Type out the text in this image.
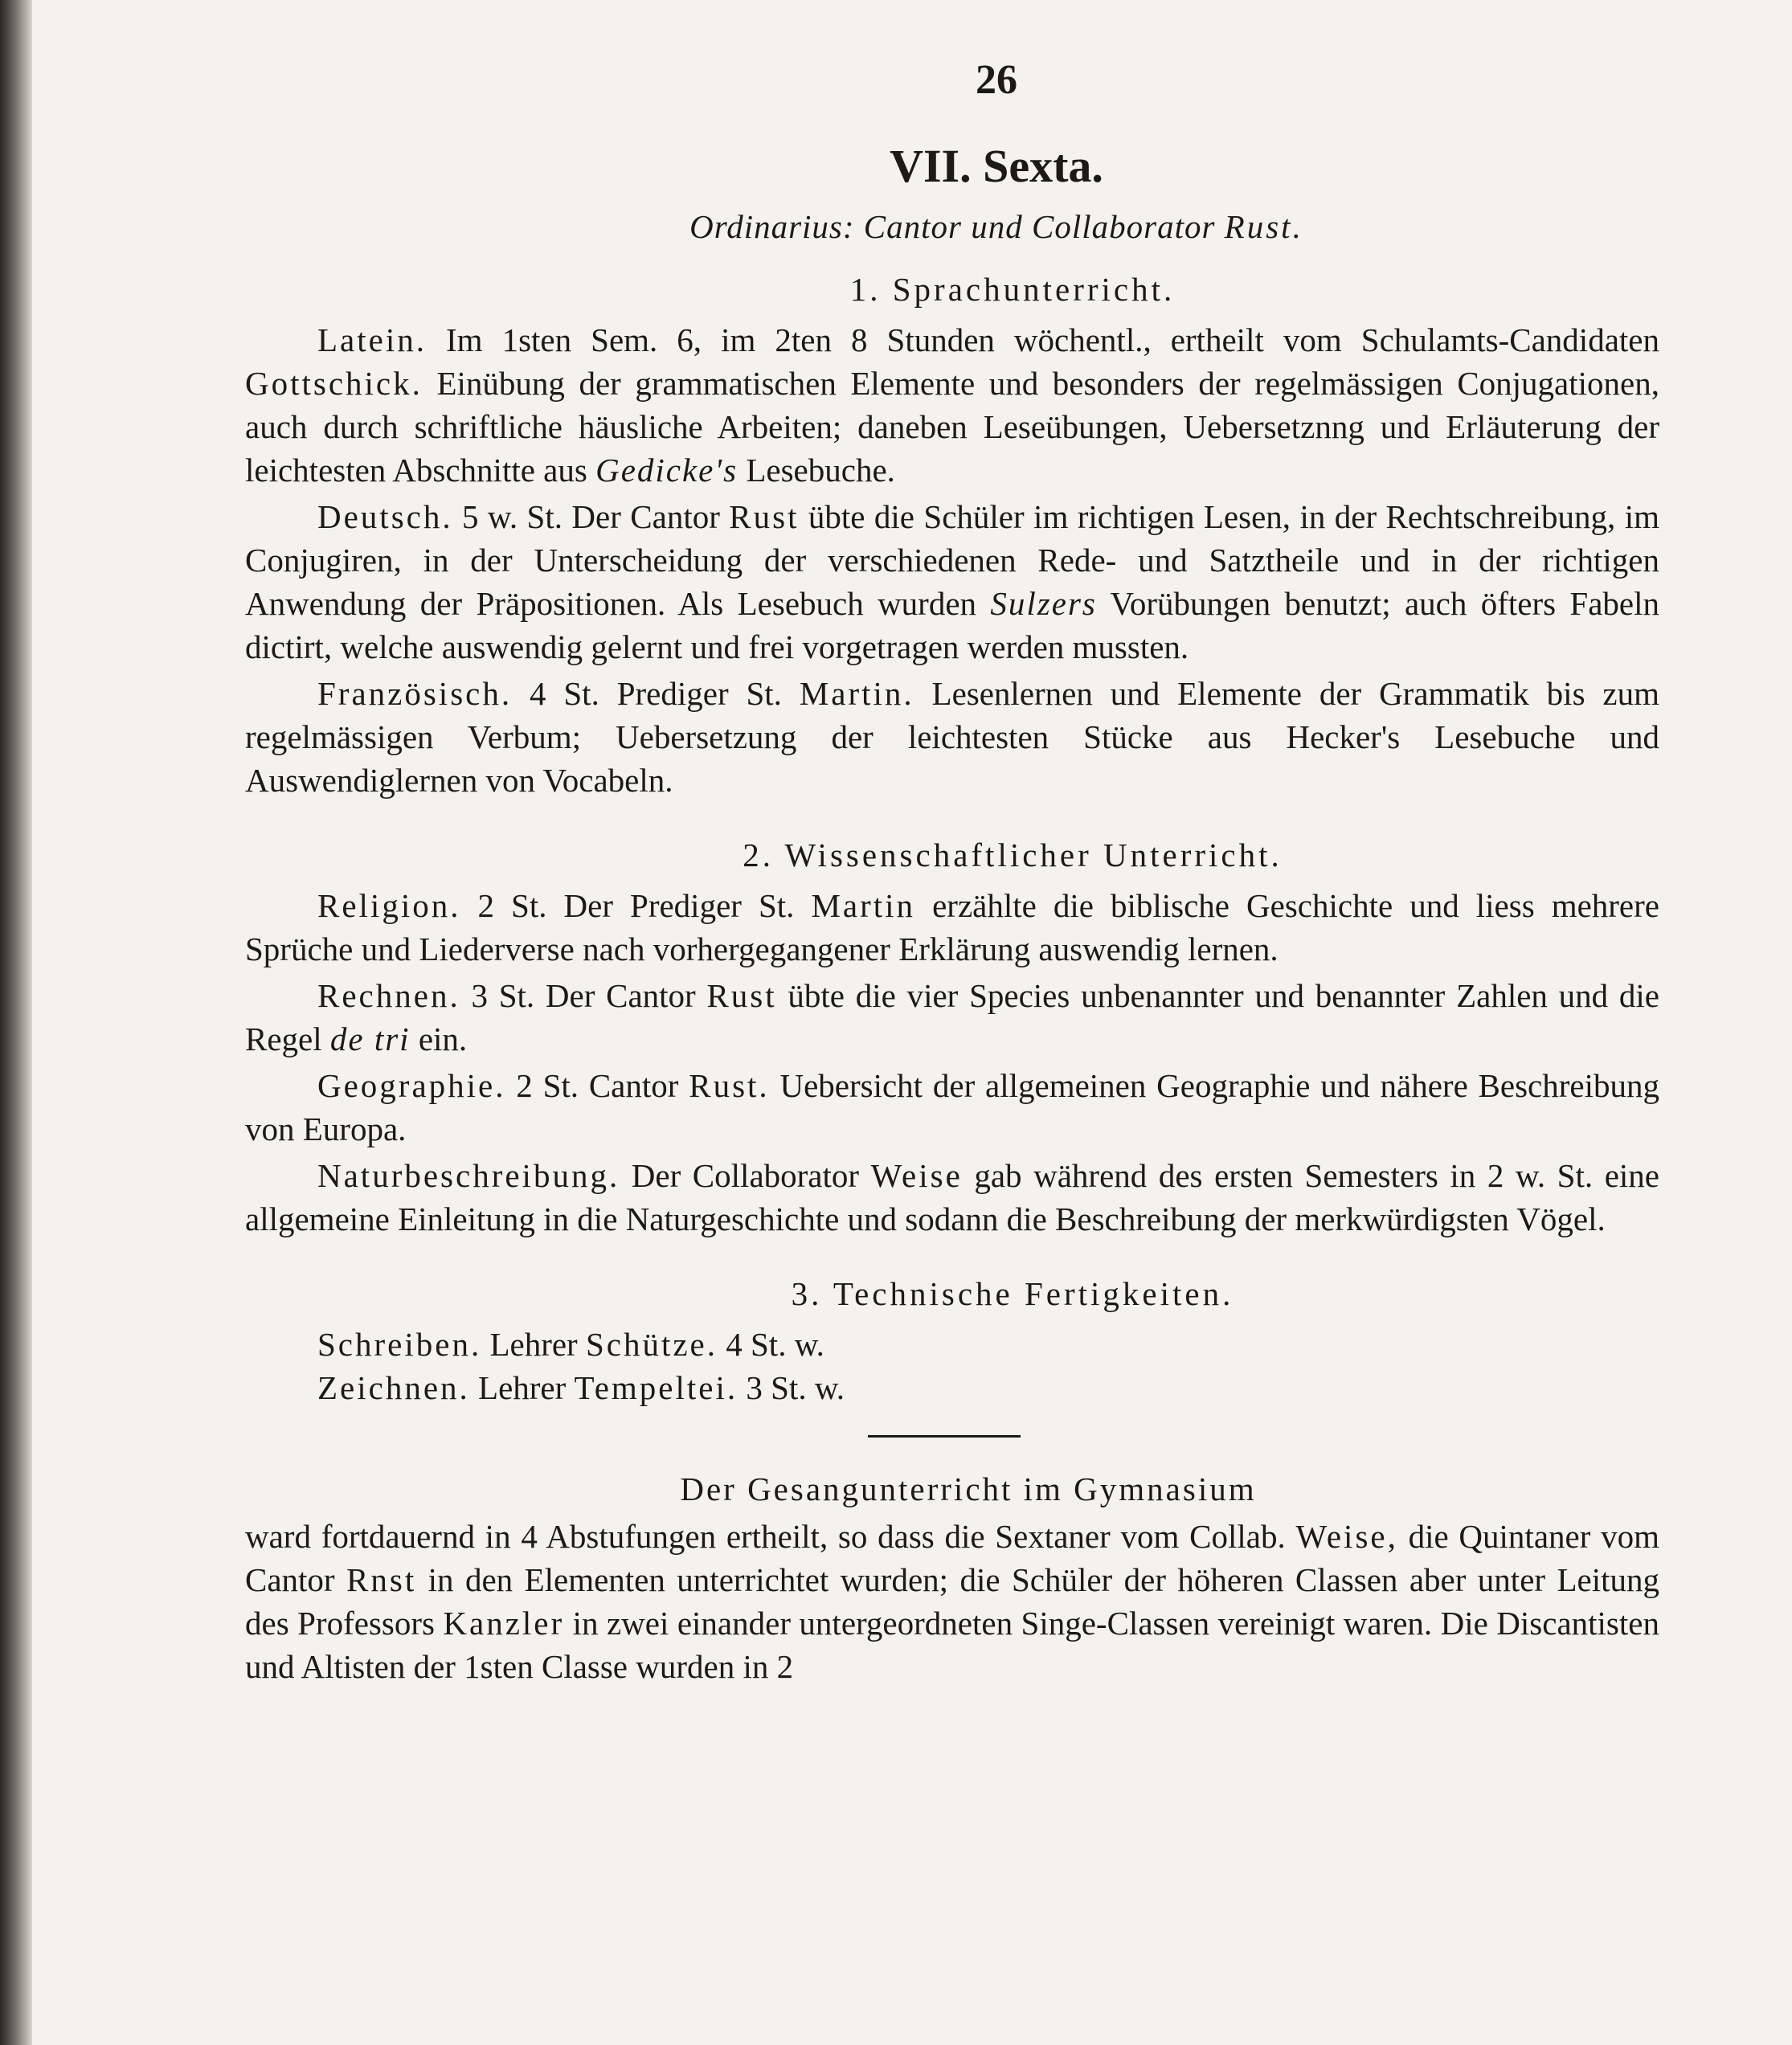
26
VII. Sexta.
Ordinarius: Cantor und Collaborator Rust.
1. Sprachunterricht.

Latein. Im 1sten Sem. 6, im 2ten 8 Stunden wöchentl., ertheilt vom Schulamts-Candidaten Gottschick. Einübung der grammatischen Elemente und besonders der regelmässigen Conjugationen, auch durch schriftliche häusliche Arbeiten; daneben Leseübungen, Uebersetznng und Erläuterung der leichtesten Abschnitte aus Gedicke's Lesebuche.

Deutsch. 5 w. St. Der Cantor Rust übte die Schüler im richtigen Lesen, in der Rechtschreibung, im Conjugiren, in der Unterscheidung der verschiedenen Rede- und Satztheile und in der richtigen Anwendung der Präpositionen. Als Lesebuch wurden Sulzers Vorübungen benutzt; auch öfters Fabeln dictirt, welche auswendig gelernt und frei vorgetragen werden mussten.

Französisch. 4 St. Prediger St. Martin. Lesenlernen und Elemente der Grammatik bis zum regelmässigen Verbum; Uebersetzung der leichtesten Stücke aus Hecker's Lesebuche und Auswendiglernen von Vocabeln.

2. Wissenschaftlicher Unterricht.

Religion. 2 St. Der Prediger St. Martin erzählte die biblische Geschichte und liess mehrere Sprüche und Liederverse nach vorhergegangener Erklärung auswendig lernen.

Rechnen. 3 St. Der Cantor Rust übte die vier Species unbenannter und benannter Zahlen und die Regel de tri ein.

Geographie. 2 St. Cantor Rust. Uebersicht der allgemeinen Geographie und nähere Beschreibung von Europa.

Naturbeschreibung. Der Collaborator Weise gab während des ersten Semesters in 2 w. St. eine allgemeine Einleitung in die Naturgeschichte und sodann die Beschreibung der merkwürdigsten Vögel.

3. Technische Fertigkeiten.
Schreiben. Lehrer Schütze. 4 St. w.
Zeichnen. Lehrer Tempeltei. 3 St. w.
Der Gesangunterricht im Gymnasium

ward fortdauernd in 4 Abstufungen ertheilt, so dass die Sextaner vom Collab. Weise, die Quintaner vom Cantor Rnst in den Elementen unterrichtet wurden; die Schüler der höheren Classen aber unter Leitung des Professors Kanzler in zwei einander untergeordneten Singe-Classen vereinigt waren. Die Discantisten und Altisten der 1sten Classe wurden in 2
